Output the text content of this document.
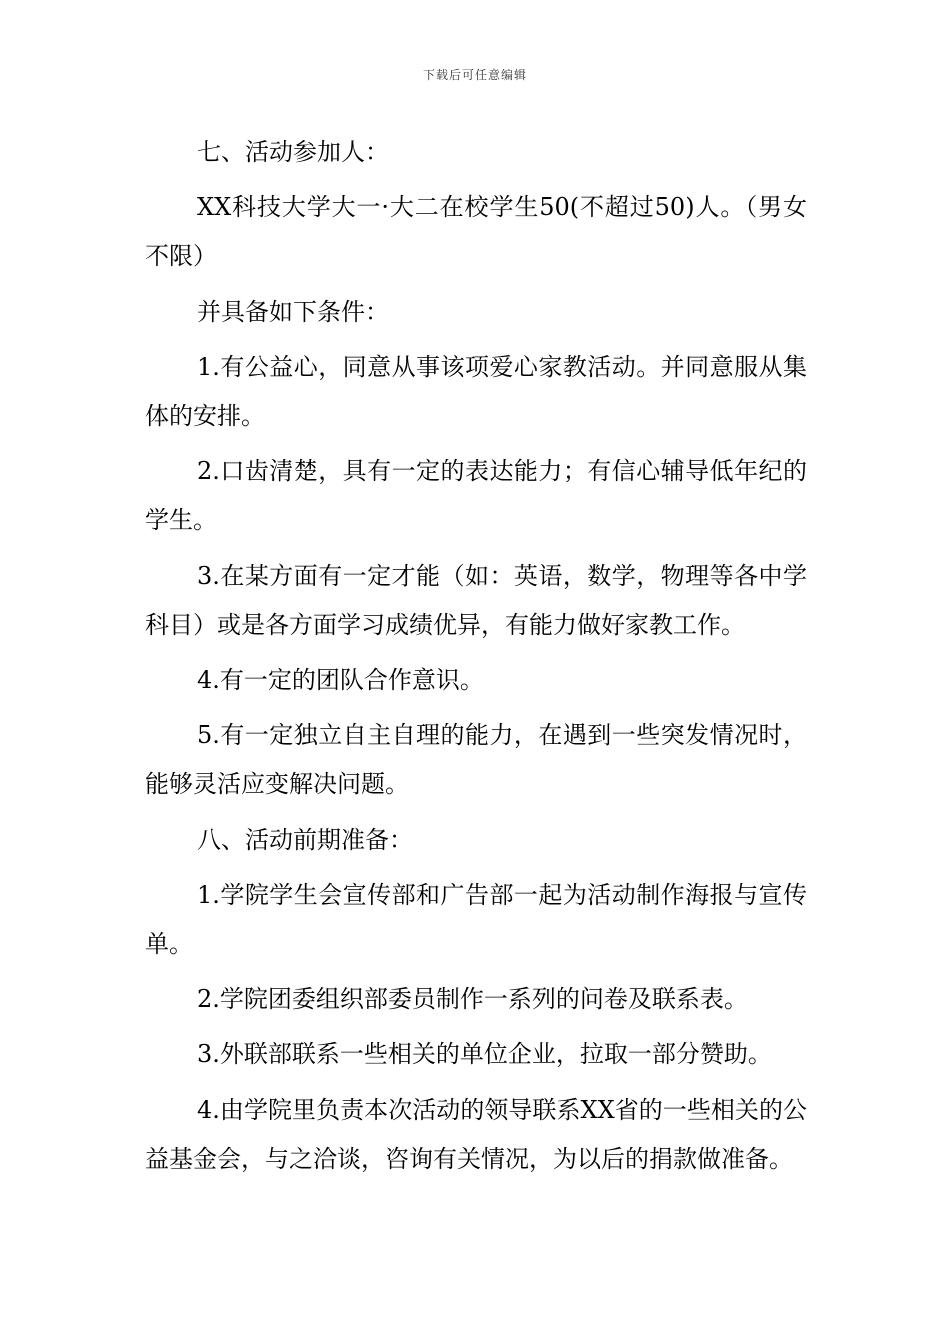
下载后可任意编辑

七、活动参加人：

XX科技大学大一·大二在校学生50(不超过50)人。（男女不限）

并具备如下条件：

1.有公益心，同意从事该项爱心家教活动。并同意服从集体的安排。

2.口齿清楚，具有一定的表达能力；有信心辅导低年纪的学生。

3.在某方面有一定才能（如：英语，数学，物理等各中学科目）或是各方面学习成绩优异，有能力做好家教工作。

4.有一定的团队合作意识。

5.有一定独立自主自理的能力，在遇到一些突发情况时，能够灵活应变解决问题。

八、活动前期准备：

1.学院学生会宣传部和广告部一起为活动制作海报与宣传单。

2.学院团委组织部委员制作一系列的问卷及联系表。

3.外联部联系一些相关的单位企业，拉取一部分赞助。

4.由学院里负责本次活动的领导联系XX省的一些相关的公益基金会，与之洽谈，咨询有关情况，为以后的捐款做准备。
